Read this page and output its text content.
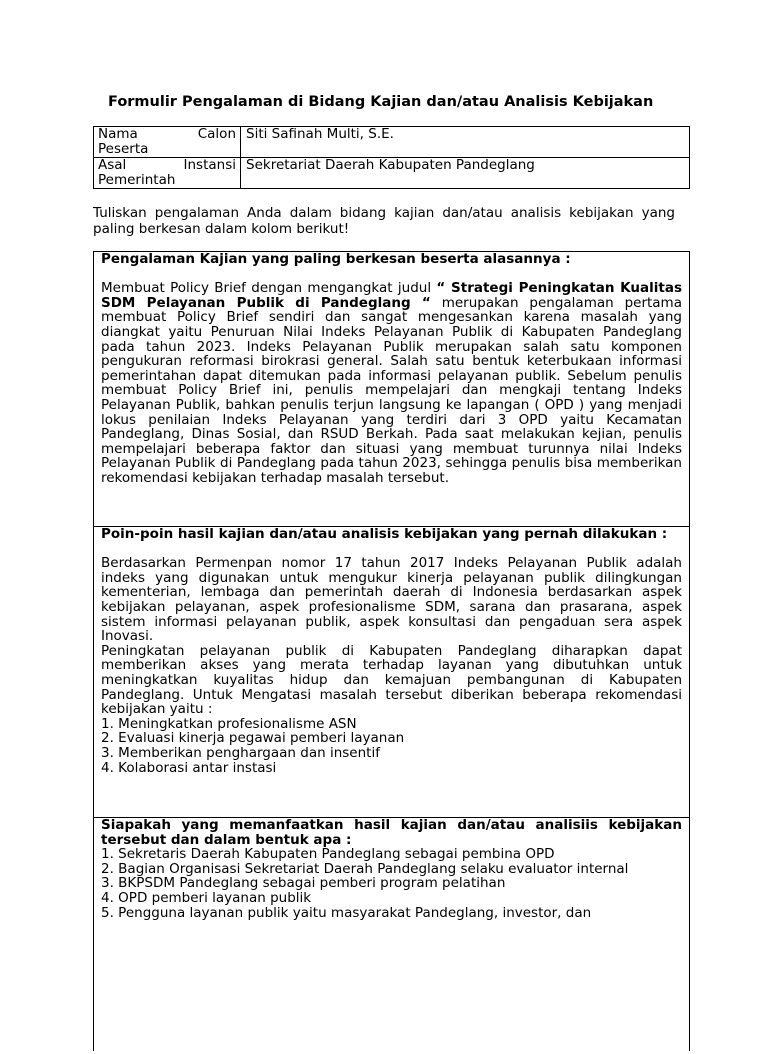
Formulir Pengalaman di Bidang Kajian dan/atau Analisis Kebijakan
Nama Calon
Peserta	Siti Safinah Multi, S.E.

Asal Instansi
Pemerintah	Sekretariat Daerah Kabupaten Pandeglang
Tuliskan pengalaman Anda dalam bidang kajian dan/atau analisis kebijakan yang paling berkesan dalam kolom berikut!
Pengalaman Kajian yang paling berkesan beserta alasannya :

Membuat Policy Brief dengan mengangkat judul “ Strategi Peningkatan Kualitas SDM Pelayanan Publik di Pandeglang “ merupakan pengalaman pertama membuat Policy Brief sendiri dan sangat mengesankan karena masalah yang diangkat yaitu Penuruan Nilai Indeks Pelayanan Publik di Kabupaten Pandeglang pada tahun 2023. Indeks Pelayanan Publik merupakan salah satu komponen pengukuran reformasi birokrasi general. Salah satu bentuk keterbukaan informasi pemerintahan dapat ditemukan pada informasi pelayanan publik. Sebelum penulis membuat Policy Brief ini, penulis mempelajari dan mengkaji tentang Indeks Pelayanan Publik, bahkan penulis terjun langsung ke lapangan ( OPD ) yang menjadi lokus penilaian Indeks Pelayanan yang terdiri dari 3 OPD yaitu Kecamatan Pandeglang, Dinas Sosial, dan RSUD Berkah. Pada saat melakukan kejian, penulis mempelajari beberapa faktor dan situasi yang membuat turunnya nilai Indeks Pelayanan Publik di Pandeglang pada tahun 2023, sehingga penulis bisa memberikan rekomendasi kebijakan terhadap masalah tersebut.

Poin-poin hasil kajian dan/atau analisis kebijakan yang pernah dilakukan :

Berdasarkan Permenpan nomor 17 tahun 2017 Indeks Pelayanan Publik adalah indeks yang digunakan untuk mengukur kinerja pelayanan publik dilingkungan kementerian, lembaga dan pemerintah daerah di Indonesia berdasarkan aspek kebijakan pelayanan, aspek profesionalisme SDM, sarana dan prasarana, aspek sistem informasi pelayanan publik, aspek konsultasi dan pengaduan sera aspek Inovasi.

Peningkatan pelayanan publik di Kabupaten Pandeglang diharapkan dapat memberikan akses yang merata terhadap layanan yang dibutuhkan untuk meningkatkan kuyalitas hidup dan kemajuan pembangunan di Kabupaten Pandeglang. Untuk Mengatasi masalah tersebut diberikan beberapa rekomendasi kebijakan yaitu :

1. Meningkatkan profesionalisme ASN
2. Evaluasi kinerja pegawai pemberi layanan
3. Memberikan penghargaan dan insentif
4. Kolaborasi antar instasi
Siapakah yang memanfaatkan hasil kajian dan/atau analisiis kebijakan tersebut dan dalam bentuk apa :
1. Sekretaris Daerah Kabupaten Pandeglang sebagai pembina OPD
2. Bagian Organisasi Sekretariat Daerah Pandeglang selaku evaluator internal
3. BKPSDM Pandeglang sebagai pemberi program pelatihan
4. OPD pemberi layanan publik
5. Pengguna layanan publik yaitu masyarakat Pandeglang, investor, dan
